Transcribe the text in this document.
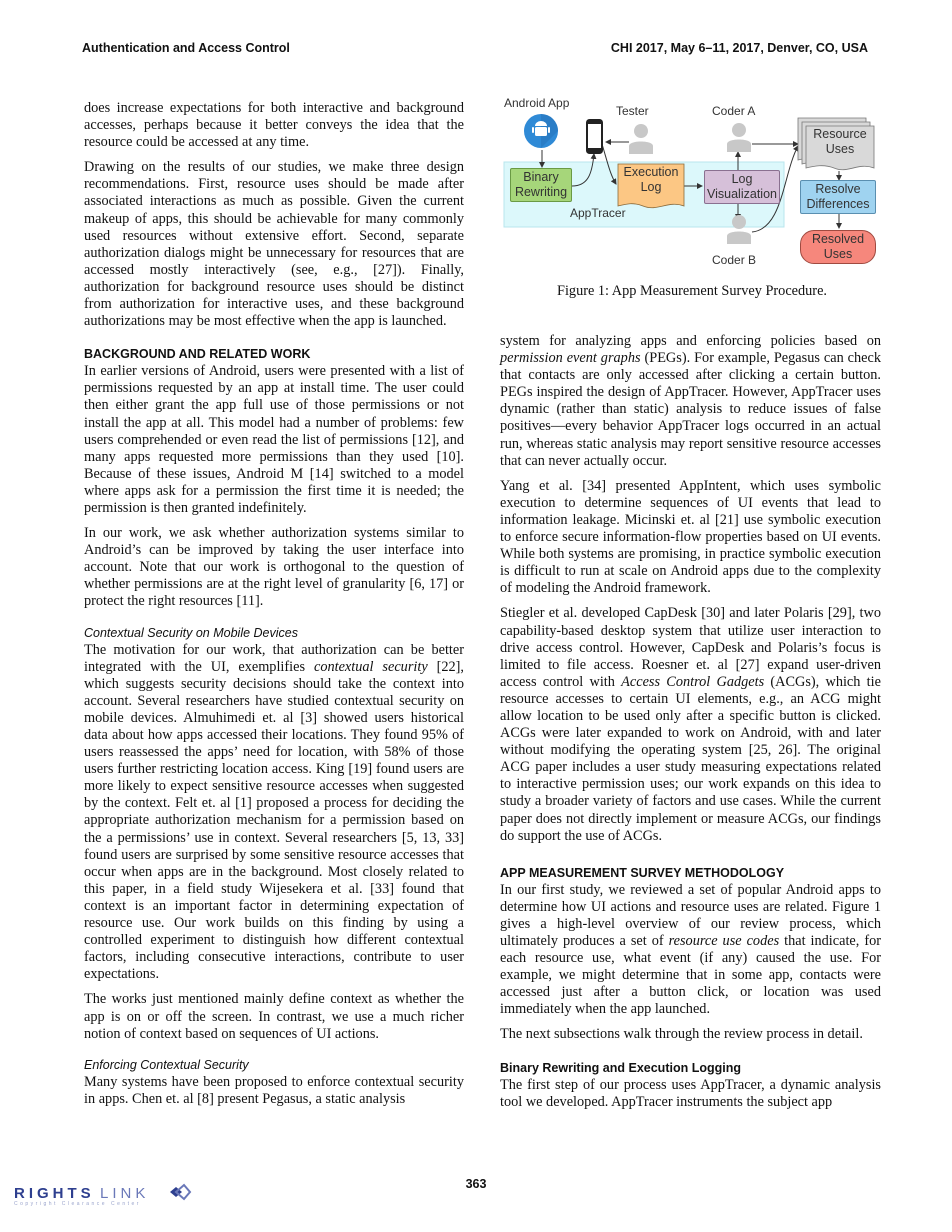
Authentication and Access Control	CHI 2017, May 6–11, 2017, Denver, CO, USA

does increase expectations for both interactive and background accesses, perhaps because it better conveys the idea that the resource could be accessed at any time.

Drawing on the results of our studies, we make three design recommendations. First, resource uses should be made after associated interactions as much as possible. Given the current makeup of apps, this should be achievable for many commonly used resources without extensive effort. Second, separate authorization dialogs might be unnecessary for resources that are accessed mostly interactively (see, e.g., [27]). Finally, authorization for background resource uses should be distinct from authorization for interactive uses, and these background authorizations may be most effective when the app is launched.

BACKGROUND AND RELATED WORK

In earlier versions of Android, users were presented with a list of permissions requested by an app at install time. The user could then either grant the app full use of those permissions or not install the app at all. This model had a number of problems: few users comprehended or even read the list of permissions [12], and many apps requested more permissions than they used [10]. Because of these issues, Android M [14] switched to a model where apps ask for a permission the first time it is needed; the permission is then granted indefinitely.

In our work, we ask whether authorization systems similar to Android’s can be improved by taking the user interface into account. Note that our work is orthogonal to the question of whether permissions are at the right level of granularity [6, 17] or protect the right resources [11].

Contextual Security on Mobile Devices

The motivation for our work, that authorization can be better integrated with the UI, exemplifies contextual security [22], which suggests security decisions should take the context into account. Several researchers have studied contextual security on mobile devices. Almuhimedi et. al [3] showed users historical data about how apps accessed their locations. They found 95% of users reassessed the apps’ need for location, with 58% of those users further restricting location access. King [19] found users are more likely to expect sensitive resource accesses when suggested by the context. Felt et. al [1] proposed a process for deciding the appropriate authorization mechanism for a permission based on the a permissions’ use in context. Several researchers [5, 13, 33] found users are surprised by some sensitive resource accesses that occur when apps are in the background. Most closely related to this paper, in a field study Wijesekera et al. [33] found that context is an important factor in determining expectation of resource use. Our work builds on this finding by using a controlled experiment to distinguish how different contextual factors, including consecutive interactions, contribute to user expectations.

The works just mentioned mainly define context as whether the app is on or off the screen. In contrast, we use a much richer notion of context based on sequences of UI actions.

Enforcing Contextual Security

Many systems have been proposed to enforce contextual security in apps. Chen et. al [8] present Pegasus, a static analysis

Android App
Tester	Coder A
Coder B
AppTracer
Binary Rewriting
Execution Log
Log Visualization
Resource Uses
Resolve Differences
Resolved Uses
Figure 1: App Measurement Survey Procedure.

system for analyzing apps and enforcing policies based on permission event graphs (PEGs). For example, Pegasus can check that contacts are only accessed after clicking a certain button. PEGs inspired the design of AppTracer. However, AppTracer uses dynamic (rather than static) analysis to reduce issues of false positives—every behavior AppTracer logs occurred in an actual run, whereas static analysis may report sensitive resource accesses that can never actually occur.

Yang et al. [34] presented AppIntent, which uses symbolic execution to determine sequences of UI events that lead to information leakage. Micinski et. al [21] use symbolic execution to enforce secure information-flow properties based on UI events. While both systems are promising, in practice symbolic execution is difficult to run at scale on Android apps due to the complexity of modeling the Android framework.

Stiegler et al. developed CapDesk [30] and later Polaris [29], two capability-based desktop system that utilize user interaction to drive access control. However, CapDesk and Polaris’s focus is limited to file access. Roesner et. al [27] expand user-driven access control with Access Control Gadgets (ACGs), which tie resource accesses to certain UI elements, e.g., an ACG might allow location to be used only after a specific button is clicked. ACGs were later expanded to work on Android, with and later without modifying the operating system [25, 26]. The original ACG paper includes a user study measuring expectations related to interactive permission uses; our work expands on this idea to study a broader variety of factors and use cases. While the current paper does not directly implement or measure ACGs, our findings do support the use of ACGs.

APP MEASUREMENT SURVEY METHODOLOGY

In our first study, we reviewed a set of popular Android apps to determine how UI actions and resource uses are related. Figure 1 gives a high-level overview of our review process, which ultimately produces a set of resource use codes that indicate, for each resource use, what event (if any) caused the use. For example, we might determine that in some app, contacts were accessed just after a button click, or location was used immediately when the app launched.

The next subsections walk through the review process in detail.

Binary Rewriting and Execution Logging

The first step of our process uses AppTracer, a dynamic analysis tool we developed. AppTracer instruments the subject app

363
RIGHTS LINK
Copyright Clearance Center
